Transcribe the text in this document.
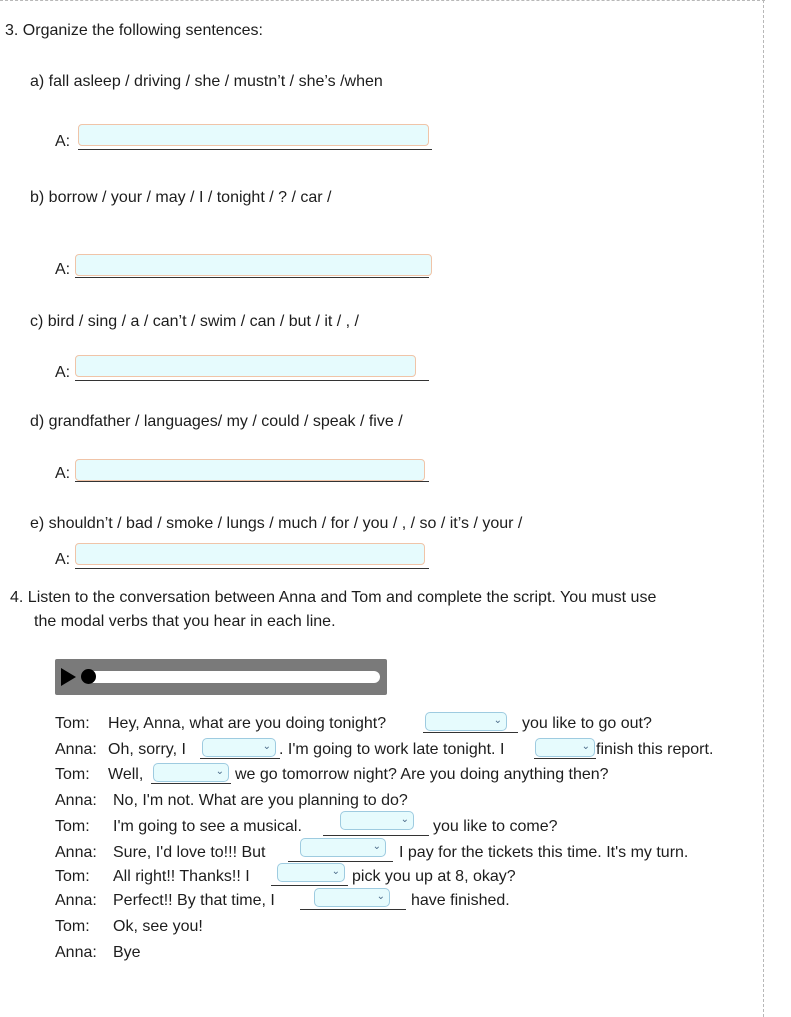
3. Organize the following sentences:
a) fall asleep / driving / she / mustn’t / she’s /when
A:
b) borrow / your / may / I / tonight / ? / car /
A:
c) bird / sing / a / can’t / swim / can / but / it / , /
A:
d) grandfather / languages/ my / could / speak / five /
A:
e) shouldn’t / bad / smoke / lungs / much / for / you / , / so / it’s / your /
A:
4. Listen to the conversation between Anna and Tom and complete the script. You must use
the modal verbs that you hear in each line.
Tom: Hey, Anna, what are you doing tonight?	⌄ you like to go out?
Anna: Oh, sorry, I	⌄ . I'm going to work late tonight. I	⌄ finish this report.
Tom: Well,	⌄ we go tomorrow night? Are you doing anything then?
Anna: No, I'm not. What are you planning to do?
Tom: I'm going to see a musical.	⌄ you like to come?
Anna: Sure, I'd love to!!! But	⌄ I pay for the tickets this time. It's my turn.
Tom: All right!! Thanks!! I	⌄ pick you up at 8, okay?
Anna: Perfect!! By that time, I	⌄ have finished.
Tom: Ok, see you!
Anna: Bye
